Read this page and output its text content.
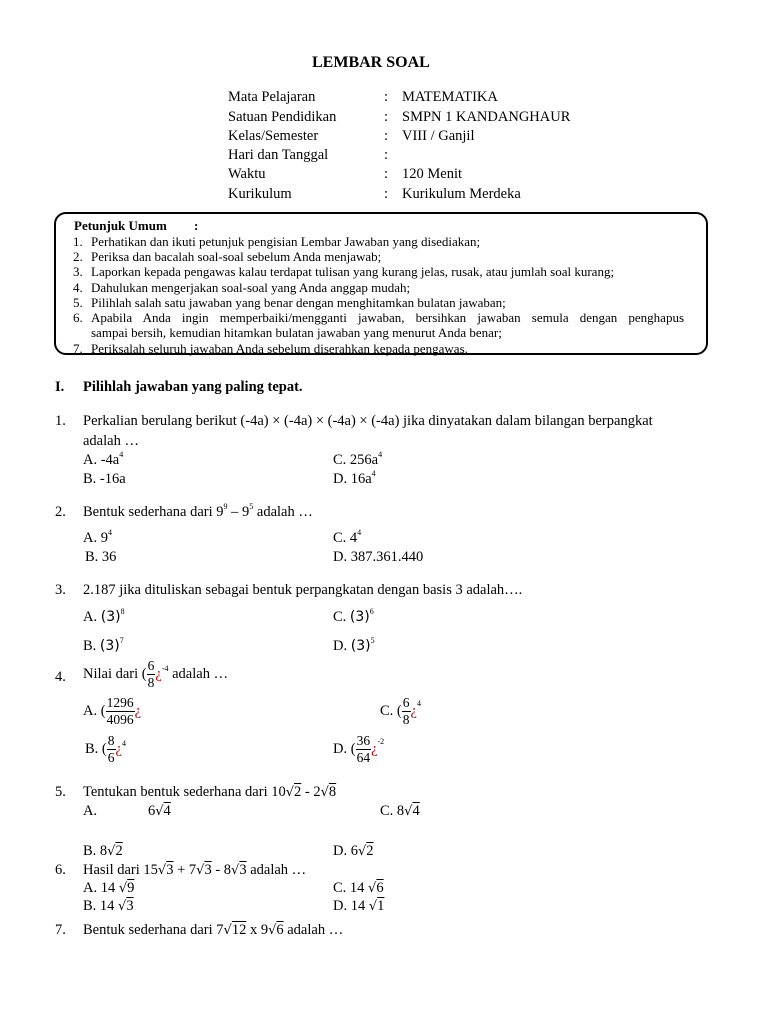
LEMBAR SOAL
Mata Pelajaran	: MATEMATIKA
Satuan Pendidikan	: SMPN 1 KANDANGHAUR
Kelas/Semester	: VIII / Ganjil
Hari dan Tanggal	:
Waktu	: 120 Menit
Kurikulum	: Kurikulum Merdeka
Petunjuk Umum :
1. Perhatikan dan ikuti petunjuk pengisian Lembar Jawaban yang disediakan;
2. Periksa dan bacalah soal-soal sebelum Anda menjawab;
3. Laporkan kepada pengawas kalau terdapat tulisan yang kurang jelas, rusak, atau jumlah soal kurang;
4. Dahulukan mengerjakan soal-soal yang Anda anggap mudah;
5. Pilihlah salah satu jawaban yang benar dengan menghitamkan bulatan jawaban;
6. Apabila Anda ingin memperbaiki/mengganti jawaban, bersihkan jawaban semula dengan penghapus
sampai bersih, kemudian hitamkan bulatan jawaban yang menurut Anda benar;
7. Periksalah seluruh jawaban Anda sebelum diserahkan kepada pengawas.
I. Pilihlah jawaban yang paling tepat.
1. Perkalian berulang berikut (-4a) × (-4a) × (-4a) × (-4a) jika dinyatakan dalam bilangan berpangkat
adalah …
A. $-4a^4$	C. $256a^4$
B. -16a	D. $16a^4$
2. Bentuk sederhana dari $9^9 - 9^5$ adalah …
A. $9^4$	C. $4^4$
B. 36	D. 387.361.440
3. 2.187 jika dituliskan sebagai bentuk perpangkatan dengan basis 3 adalah….
A. $(3)^8$	C. $(3)^6$
B. $(3)^7$	D. $(3)^5$
4. Nilai dari ( $\frac{6}{8}$ ¿$^{-4}$ adalah …
A. ( $\frac{1296}{4096}$ ¿	C. ( $\frac{6}{8}$ ¿$^4$
B. ( $\frac{8}{6}$ ¿$^4$	D. ( $\frac{36}{64}$ ¿$^{-2}$
5. Tentukan bentuk sederhana dari 10√2 - 2√8
A.	6√4	C. 8√4
B. 8√2	D. 6√2
6. Hasil dari 15√3 + 7√3 - 8√3 adalah …
A. 14 √9	C. 14 √6
B. 14 √3	D. 14 √1
7. Bentuk sederhana dari 7√12 x 9√6 adalah …
